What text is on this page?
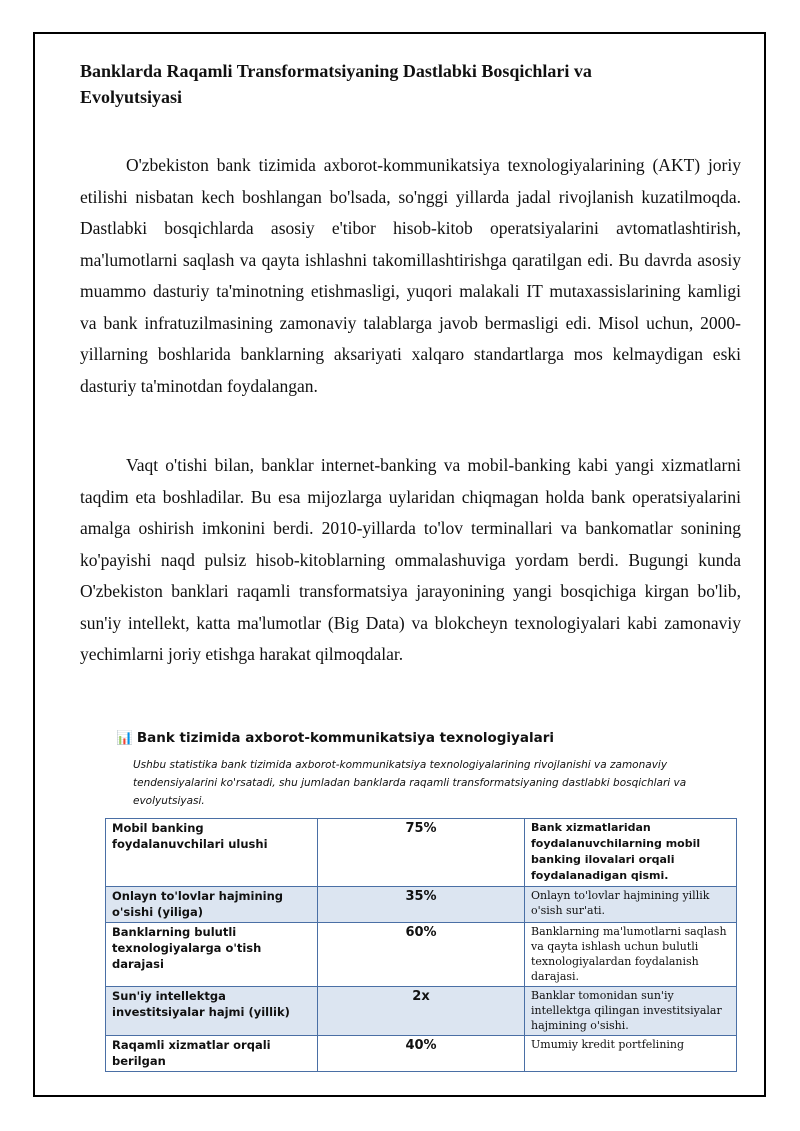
Banklarda Raqamli Transformatsiyaning Dastlabki Bosqichlari va Evolyutsiyasi

O'zbekiston bank tizimida axborot-kommunikatsiya texnologiyalarining (AKT) joriy etilishi nisbatan kech boshlangan bo'lsada, so'nggi yillarda jadal rivojlanish kuzatilmoqda. Dastlabki bosqichlarda asosiy e'tibor hisob-kitob operatsiyalarini avtomatlashtirish, ma'lumotlarni saqlash va qayta ishlashni takomillashtirishga qaratilgan edi. Bu davrda asosiy muammo dasturiy ta'minotning etishmasligi, yuqori malakali IT mutaxassislarining kamligi va bank infratuzilmasining zamonaviy talablarga javob bermasligi edi. Misol uchun, 2000-yillarning boshlarida banklarning aksariyati xalqaro standartlarga mos kelmaydigan eski dasturiy ta'minotdan foydalangan.

Vaqt o'tishi bilan, banklar internet-banking va mobil-banking kabi yangi xizmatlarni taqdim eta boshladilar. Bu esa mijozlarga uylaridan chiqmagan holda bank operatsiyalarini amalga oshirish imkonini berdi. 2010-yillarda to'lov terminallari va bankomatlar sonining ko'payishi naqd pulsiz hisob-kitoblarning ommalashuviga yordam berdi. Bugungi kunda O'zbekiston banklari raqamli transformatsiya jarayonining yangi bosqichiga kirgan bo'lib, sun'iy intellekt, katta ma'lumotlar (Big Data) va blokcheyn texnologiyalari kabi zamonaviy yechimlarni joriy etishga harakat qilmoqdalar.

📊 Bank tizimida axborot-kommunikatsiya texnologiyalari
Ushbu statistika bank tizimida axborot-kommunikatsiya texnologiyalarining rivojlanishi va zamonaviy tendensiyalarini ko'rsatadi, shu jumladan banklarda raqamli transformatsiyaning dastlabki bosqichlari va evolyutsiyasi.
Mobil banking foydalanuvchilari ulushi	75%	Bank xizmatlaridan foydalanuvchilarning mobil banking ilovalari orqali foydalanadigan qismi.
Onlayn to'lovlar hajmining o'sishi (yiliga)	35%	Onlayn to'lovlar hajmining yillik o'sish sur'ati.
Banklarning bulutli texnologiyalarga o'tish darajasi	60%	Banklarning ma'lumotlarni saqlash va qayta ishlash uchun bulutli texnologiyalardan foydalanish darajasi.
Sun'iy intellektga investitsiyalar hajmi (yillik)	2x	Banklar tomonidan sun'iy intellektga qilingan investitsiyalar hajmining o'sishi.
Raqamli xizmatlar orqali berilgan	40%	Umumiy kredit portfelining
